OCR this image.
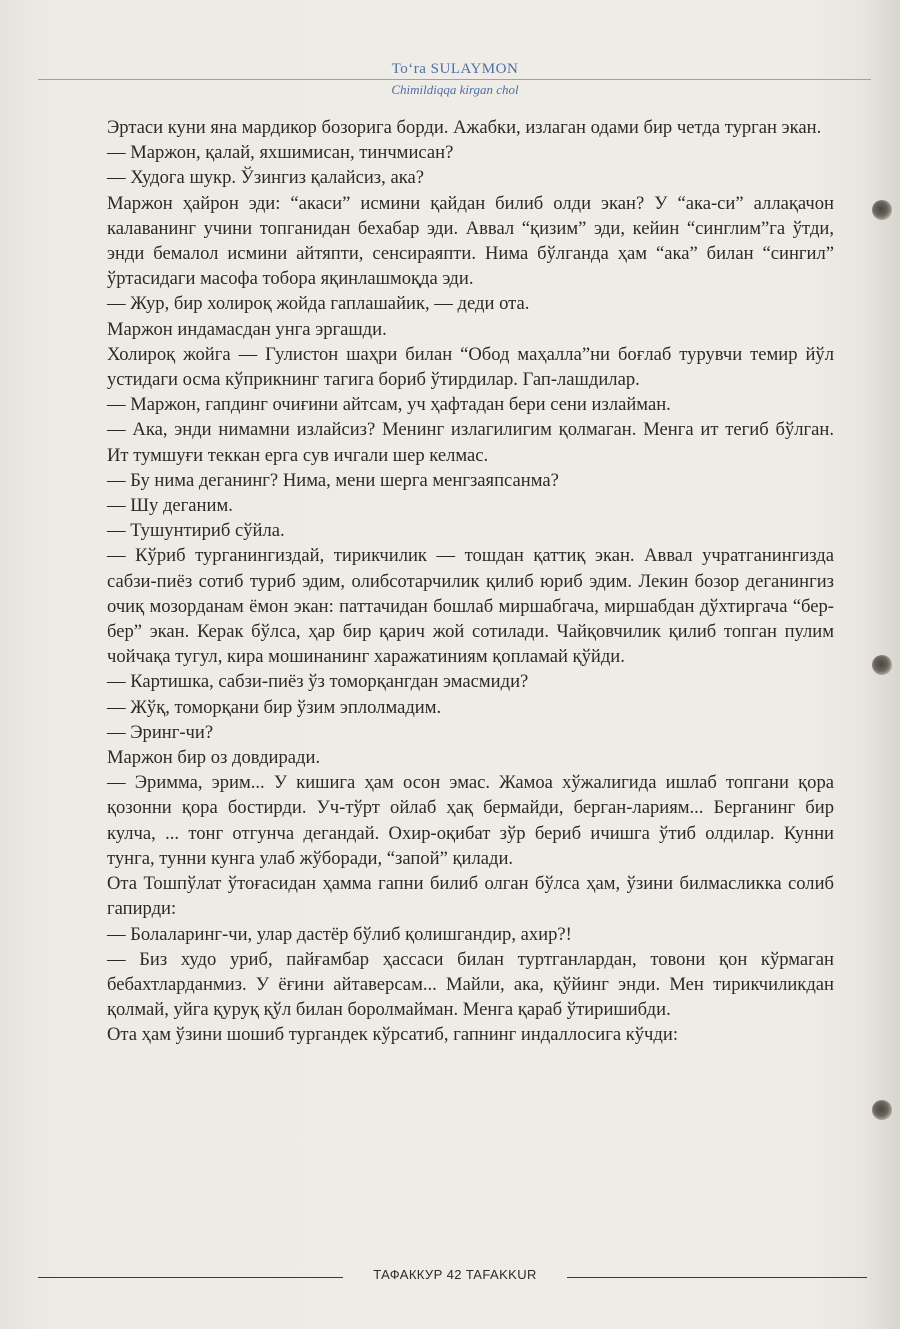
To‘ra SULAYMON
Chimildiqqa kirgan chol

Эртаси куни яна мардикор бозорига борди. Ажабки, излаган одами бир четда турган экан.

— Маржон, қалай, яхшимисан, тинчмисан?

— Худога шукр. Ўзингиз қалайсиз, ака?

Маржон ҳайрон эди: “акаси” исмини қайдан билиб олди экан? У “ака-си” аллақачон калаванинг учини топганидан бехабар эди. Аввал “қизим” эди, кейин “синглим”га ўтди, энди бемалол исмини айтяпти, сенсираяпти. Нима бўлганда ҳам “ака” билан “сингил” ўртасидаги масофа тобора яқинлашмоқда эди.

— Жур, бир холироқ жойда гаплашайик, — деди ота.

Маржон индамасдан унга эргашди.

Холироқ жойга — Гулистон шаҳри билан “Обод маҳалла”ни боғлаб турувчи темир йўл устидаги осма кўприкнинг тагига бориб ўтирдилар. Гап-лашдилар.

— Маржон, гапдинг очиғини айтсам, уч ҳафтадан бери сени излайман.

— Ака, энди нимамни излайсиз? Менинг излагилигим қолмаган. Менга ит тегиб бўлган. Ит тумшуғи теккан ерга сув ичгали шер келмас.

— Бу нима деганинг? Нима, мени шерга менгзаяпсанма?

— Шу деганим.

— Тушунтириб сўйла.

— Кўриб турганингиздай, тирикчилик — тошдан қаттиқ экан. Аввал учратганингизда сабзи-пиёз сотиб туриб эдим, олибсотарчилик қилиб юриб эдим. Лекин бозор деганингиз очиқ мозорданам ёмон экан: паттачидан бошлаб миршабгача, миршабдан дўхтиргача “бер-бер” экан. Керак бўлса, ҳар бир қарич жой сотилади. Чайқовчилик қилиб топган пулим чойчақа тугул, кира мошинанинг харажатиниям қопламай қўйди.

— Картишка, сабзи-пиёз ўз томорқангдан эмасмиди?

— Жўқ, томорқани бир ўзим эплолмадим.

— Эринг-чи?

Маржон бир оз довдиради.

— Эримма, эрим... У кишига ҳам осон эмас. Жамоа хўжалигида ишлаб топгани қора қозонни қора бостирди. Уч-тўрт ойлаб ҳақ бермайди, берган-лариям... Берганинг бир кулча, ... тонг отгунча дегандай. Охир-оқибат зўр бериб ичишга ўтиб олдилар. Кунни тунга, тунни кунга улаб жўборади, “запой” қилади.

Ота Тошпўлат ўтоғасидан ҳамма гапни билиб олган бўлса ҳам, ўзини билмасликка солиб гапирди:

— Болаларинг-чи, улар дастёр бўлиб қолишгандир, ахир?!

— Биз худо уриб, пайғамбар ҳассаси билан туртганлардан, товони қон кўрмаган бебахтларданмиз. У ёғини айтаверсам... Майли, ака, қўйинг энди. Мен тирикчиликдан қолмай, уйга қуруқ қўл билан боролмайман. Менга қараб ўтиришибди.

Ота ҳам ўзини шошиб тургандек кўрсатиб, гапнинг индаллосига кўчди:

ТАФАККУР 42 TAFAKKUR
